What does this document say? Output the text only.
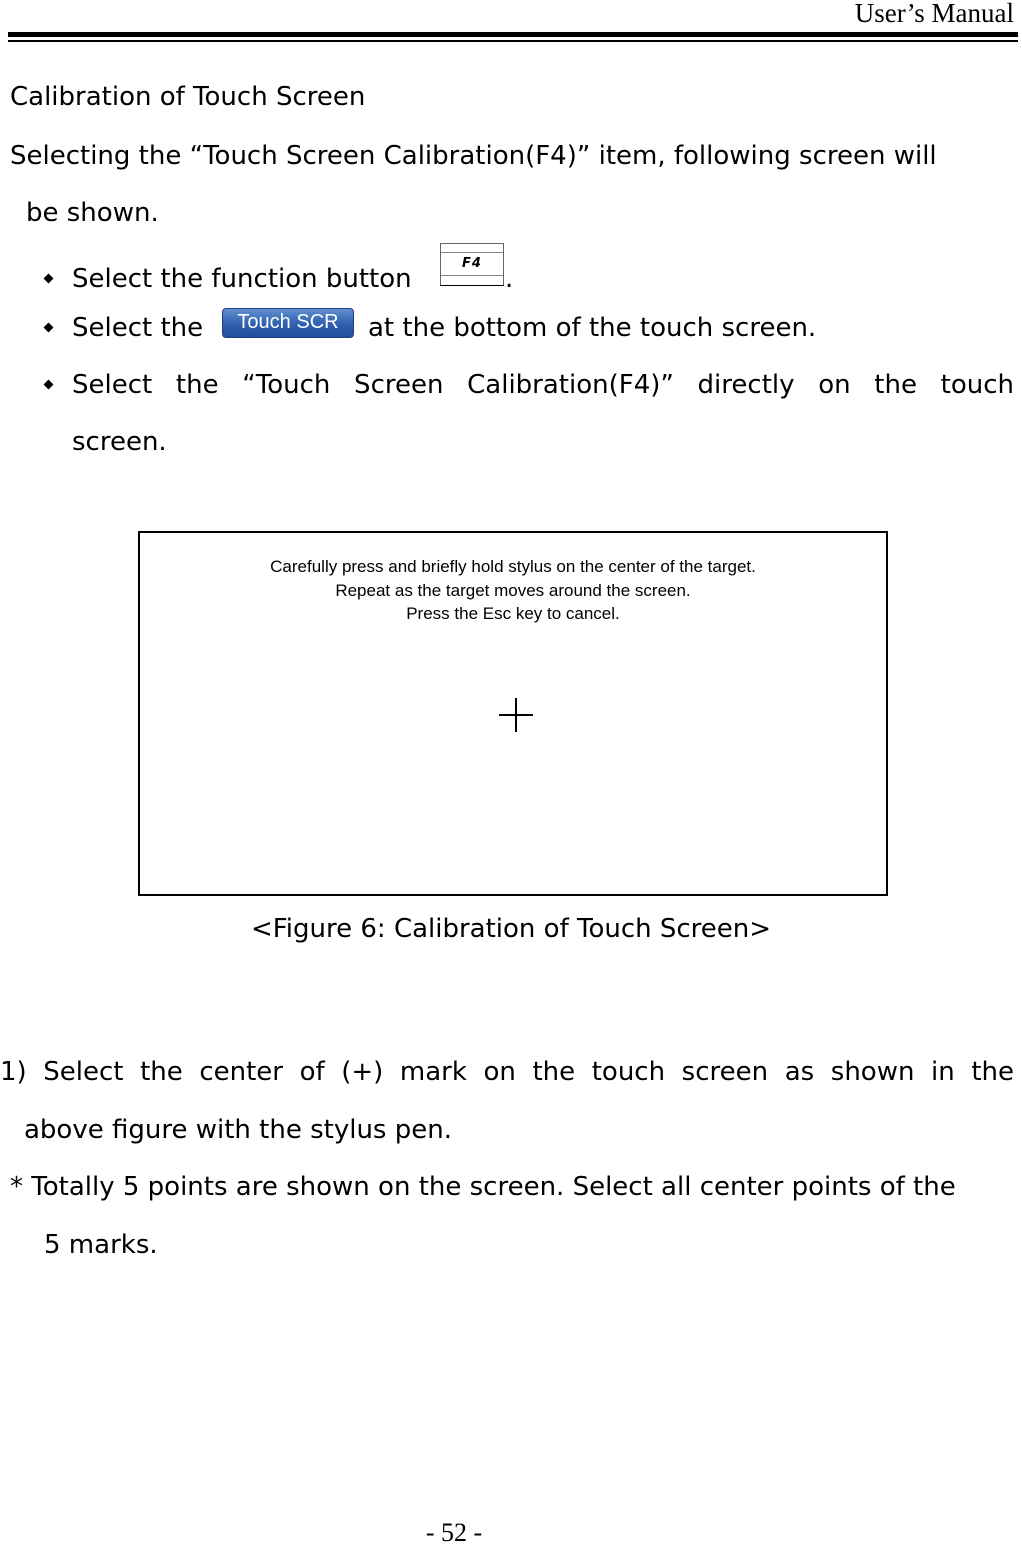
User’s Manual
Calibration of Touch Screen
Selecting the “Touch Screen Calibration(F4)” item, following screen will
be shown.
Select the function button
F4
.
Select the	Touch SCR	at the bottom of the touch screen.
Select the “Touch Screen Calibration(F4)” directly on the touch
screen.
Carefully press and briefly hold stylus on the center of the target.
Repeat as the target moves around the screen.
Press the Esc key to cancel.
<Figure 6: Calibration of Touch Screen>
1) Select the center of (+) mark on the touch screen as shown in the
above figure with the stylus pen.
* Totally 5 points are shown on the screen. Select all center points of the
5 marks.
- 52 -
